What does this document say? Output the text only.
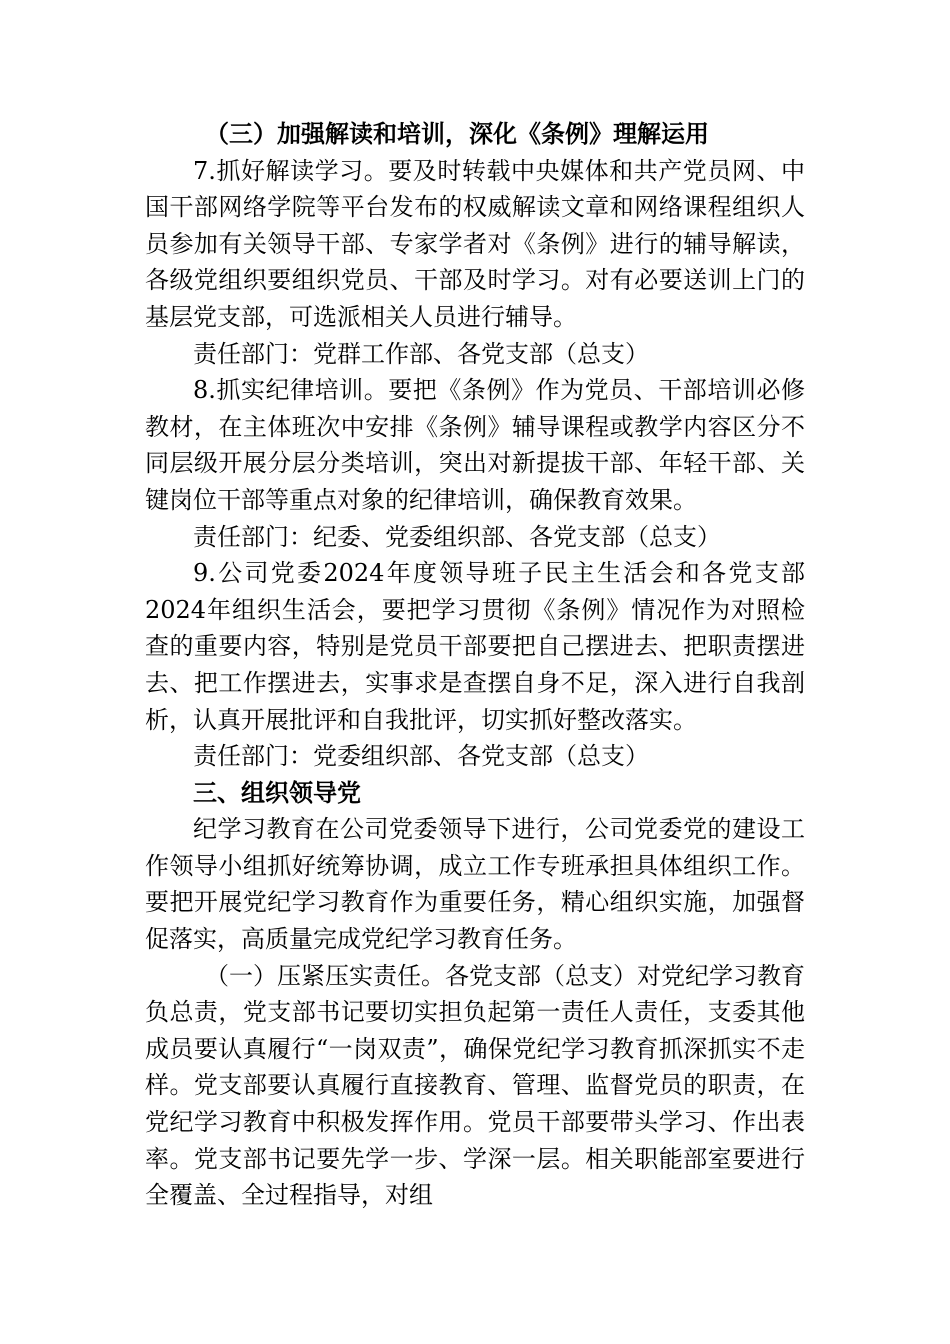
（三）加强解读和培训，深化《条例》理解运用

7.抓好解读学习。要及时转载中央媒体和共产党员网、中国干部网络学院等平台发布的权威解读文章和网络课程组织人员参加有关领导干部、专家学者对《条例》进行的辅导解读，各级党组织要组织党员、干部及时学习。对有必要送训上门的基层党支部，可选派相关人员进行辅导。

责任部门：党群工作部、各党支部（总支）

8.抓实纪律培训。要把《条例》作为党员、干部培训必修教材，在主体班次中安排《条例》辅导课程或教学内容区分不同层级开展分层分类培训，突出对新提拔干部、年轻干部、关键岗位干部等重点对象的纪律培训，确保教育效果。

责任部门：纪委、党委组织部、各党支部（总支）

9.公司党委2024年度领导班子民主生活会和各党支部2024年组织生活会，要把学习贯彻《条例》情况作为对照检查的重要内容，特别是党员干部要把自己摆进去、把职责摆进去、把工作摆进去，实事求是查摆自身不足，深入进行自我剖析，认真开展批评和自我批评，切实抓好整改落实。

责任部门：党委组织部、各党支部（总支）

三、组织领导党

纪学习教育在公司党委领导下进行，公司党委党的建设工作领导小组抓好统筹协调，成立工作专班承担具体组织工作。要把开展党纪学习教育作为重要任务，精心组织实施，加强督促落实，高质量完成党纪学习教育任务。

（一）压紧压实责任。各党支部（总支）对党纪学习教育负总责，党支部书记要切实担负起第一责任人责任，支委其他成员要认真履行“一岗双责”，确保党纪学习教育抓深抓实不走样。党支部要认真履行直接教育、管理、监督党员的职责，在党纪学习教育中积极发挥作用。党员干部要带头学习、作出表率。党支部书记要先学一步、学深一层。相关职能部室要进行全覆盖、全过程指导，对组
